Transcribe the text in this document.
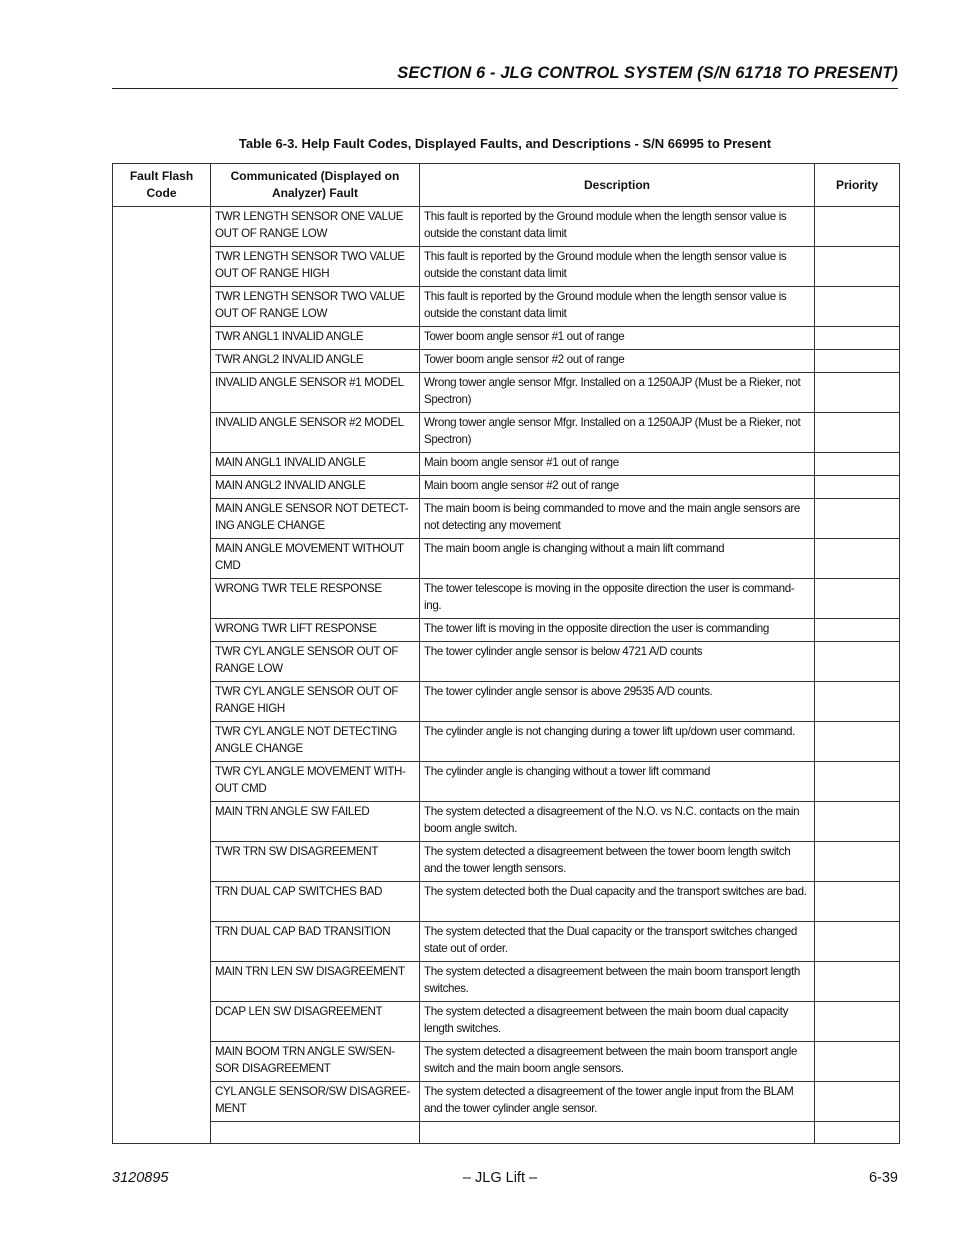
SECTION 6 - JLG CONTROL SYSTEM (S/N 61718 TO PRESENT)
Table 6-3. Help Fault Codes, Displayed Faults, and Descriptions - S/N 66995 to Present
Fault Flash Code	Communicated (Displayed on Analyzer) Fault	Description	Priority
	TWR LENGTH SENSOR ONE VALUE OUT OF RANGE LOW	This fault is reported by the Ground module when the length sensor value is outside the constant data limit	
	TWR LENGTH SENSOR TWO VALUE OUT OF RANGE HIGH	This fault is reported by the Ground module when the length sensor value is outside the constant data limit	
	TWR LENGTH SENSOR TWO VALUE OUT OF RANGE LOW	This fault is reported by the Ground module when the length sensor value is outside the constant data limit	
	TWR ANGL1 INVALID ANGLE	Tower boom angle sensor #1 out of range	
	TWR ANGL2 INVALID ANGLE	Tower boom angle sensor #2 out of range	
	INVALID ANGLE SENSOR #1 MODEL	Wrong tower angle sensor Mfgr. Installed on a 1250AJP (Must be a Rieker, not Spectron)	
	INVALID ANGLE SENSOR #2 MODEL	Wrong tower angle sensor Mfgr. Installed on a 1250AJP (Must be a Rieker, not Spectron)	
	MAIN ANGL1 INVALID ANGLE	Main boom angle sensor #1 out of range	
	MAIN ANGL2 INVALID ANGLE	Main boom angle sensor #2 out of range	
	MAIN ANGLE SENSOR NOT DETECT-ING ANGLE CHANGE	The main boom is being commanded to move and the main angle sensors are not detecting any movement	
	MAIN ANGLE MOVEMENT WITHOUT CMD	The main boom angle is changing without a main lift command	
	WRONG TWR TELE RESPONSE	The tower telescope is moving in the opposite direction the user is command-ing.	
	WRONG TWR LIFT RESPONSE	The tower lift is moving in the opposite direction the user is commanding	
	TWR CYL ANGLE SENSOR OUT OF RANGE LOW	The tower cylinder angle sensor is below 4721 A/D counts	
	TWR CYL ANGLE SENSOR OUT OF RANGE HIGH	The tower cylinder angle sensor is above 29535 A/D counts.	
	TWR CYL ANGLE NOT DETECTING ANGLE CHANGE	The cylinder angle is not changing during a tower lift up/down user command.	
	TWR CYL ANGLE MOVEMENT WITH-OUT CMD	The cylinder angle is changing without a tower lift command	
	MAIN TRN ANGLE SW FAILED	The system detected a disagreement of the N.O. vs N.C. contacts on the main boom angle switch.	
	TWR TRN SW DISAGREEMENT	The system detected a disagreement between the tower boom length switch and the tower length sensors.	
	TRN DUAL CAP SWITCHES BAD	The system detected both the Dual capacity and the transport switches are bad.	
	TRN DUAL CAP BAD TRANSITION	The system detected that the Dual capacity or the transport switches changed state out of order.	
	MAIN TRN LEN SW DISAGREEMENT	The system detected a disagreement between the main boom transport length switches.	
	DCAP LEN SW DISAGREEMENT	The system detected a disagreement between the main boom dual capacity length switches.	
	MAIN BOOM TRN ANGLE SW/SEN-SOR DISAGREEMENT	The system detected a disagreement between the main boom transport angle switch and the main boom angle sensors.	
	CYL ANGLE SENSOR/SW DISAGREE-MENT	The system detected a disagreement of the tower angle input from the BLAM and the tower cylinder angle sensor.	

3120895	– JLG Lift –	6-39
